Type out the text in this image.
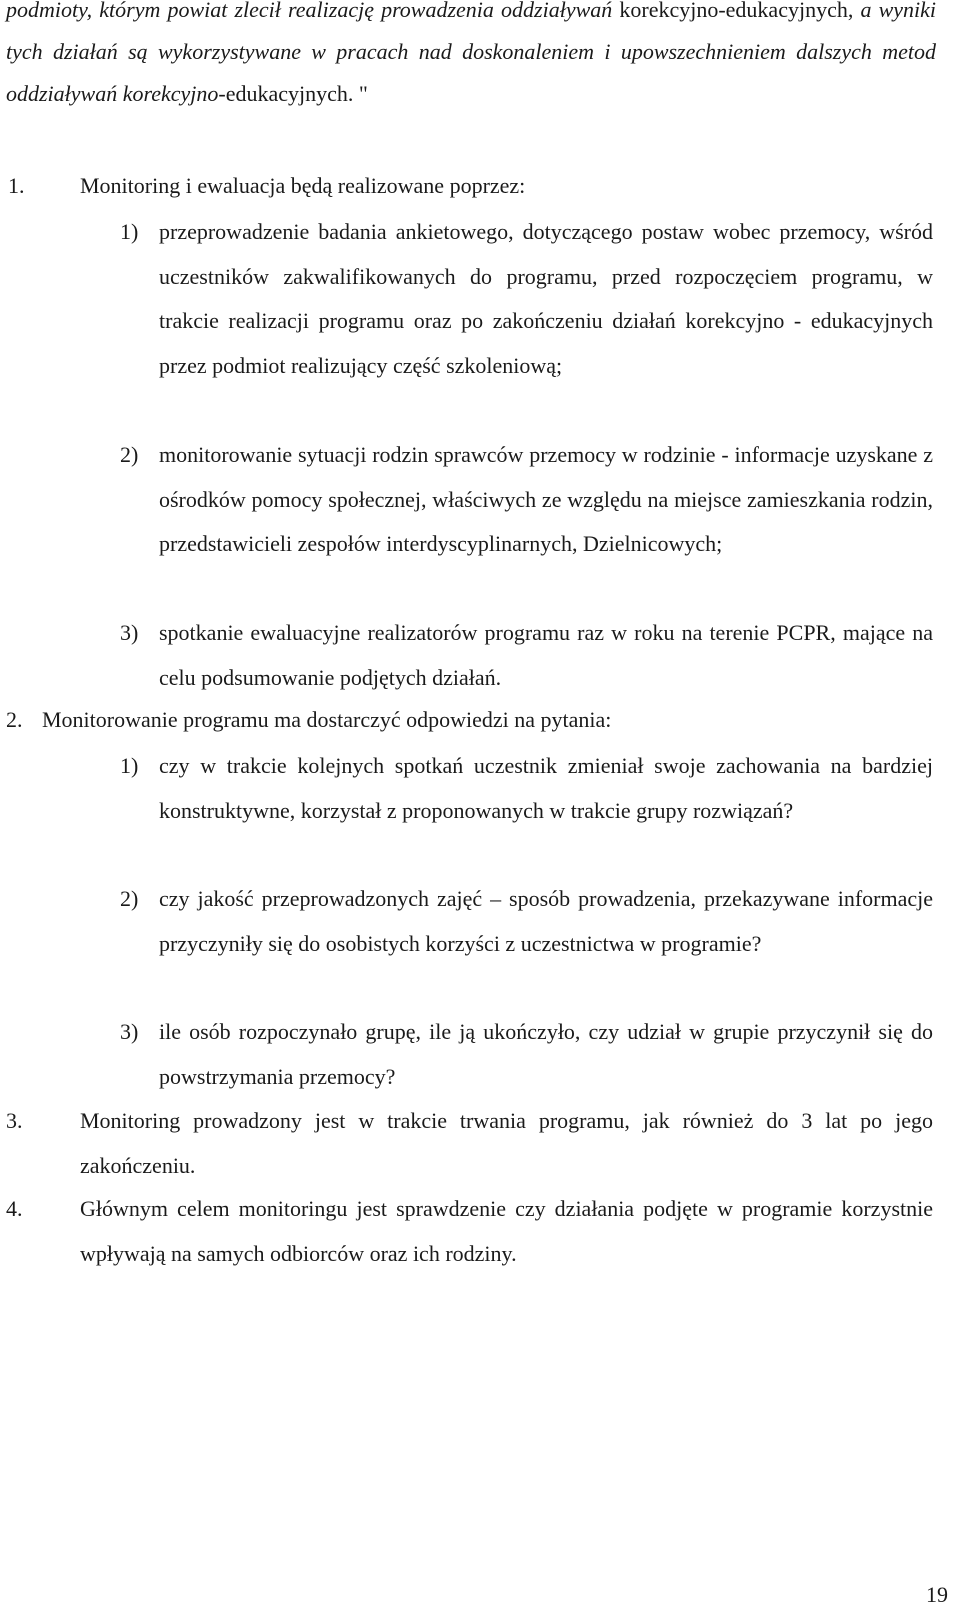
podmioty, którym powiat zlecił realizację prowadzenia oddziaływań korekcyjno-edukacyjnych, a wyniki tych działań są wykorzystywane w pracach nad doskonaleniem i upowszechnieniem dalszych metod oddziaływań korekcyjno-edukacyjnych. "
1.	Monitoring i ewaluacja będą realizowane poprzez:
1) przeprowadzenie badania ankietowego, dotyczącego postaw wobec przemocy, wśród uczestników zakwalifikowanych do programu, przed rozpoczęciem programu, w trakcie realizacji programu oraz po zakończeniu działań korekcyjno - edukacyjnych przez podmiot realizujący część szkoleniową;
2) monitorowanie sytuacji rodzin sprawców przemocy w rodzinie - informacje uzyskane z ośrodków pomocy społecznej, właściwych ze względu na miejsce zamieszkania rodzin, przedstawicieli zespołów interdyscyplinarnych, Dzielnicowych;
3) spotkanie ewaluacyjne realizatorów programu raz w roku na terenie PCPR, mające na celu podsumowanie podjętych działań.
2. Monitorowanie programu ma dostarczyć odpowiedzi na pytania:
1) czy w trakcie kolejnych spotkań uczestnik zmieniał swoje zachowania na bardziej konstruktywne, korzystał z proponowanych w trakcie grupy rozwiązań?
2) czy jakość przeprowadzonych zajęć – sposób prowadzenia, przekazywane informacje przyczyniły się do osobistych korzyści z uczestnictwa w programie?
3) ile osób rozpoczynało grupę, ile ją ukończyło, czy udział w grupie przyczynił się do powstrzymania przemocy?
3.	Monitoring prowadzony jest w trakcie trwania programu, jak również do 3 lat po jego zakończeniu.
4.	Głównym celem monitoringu jest sprawdzenie czy działania podjęte w programie korzystnie wpływają na samych odbiorców oraz ich rodziny.
19
